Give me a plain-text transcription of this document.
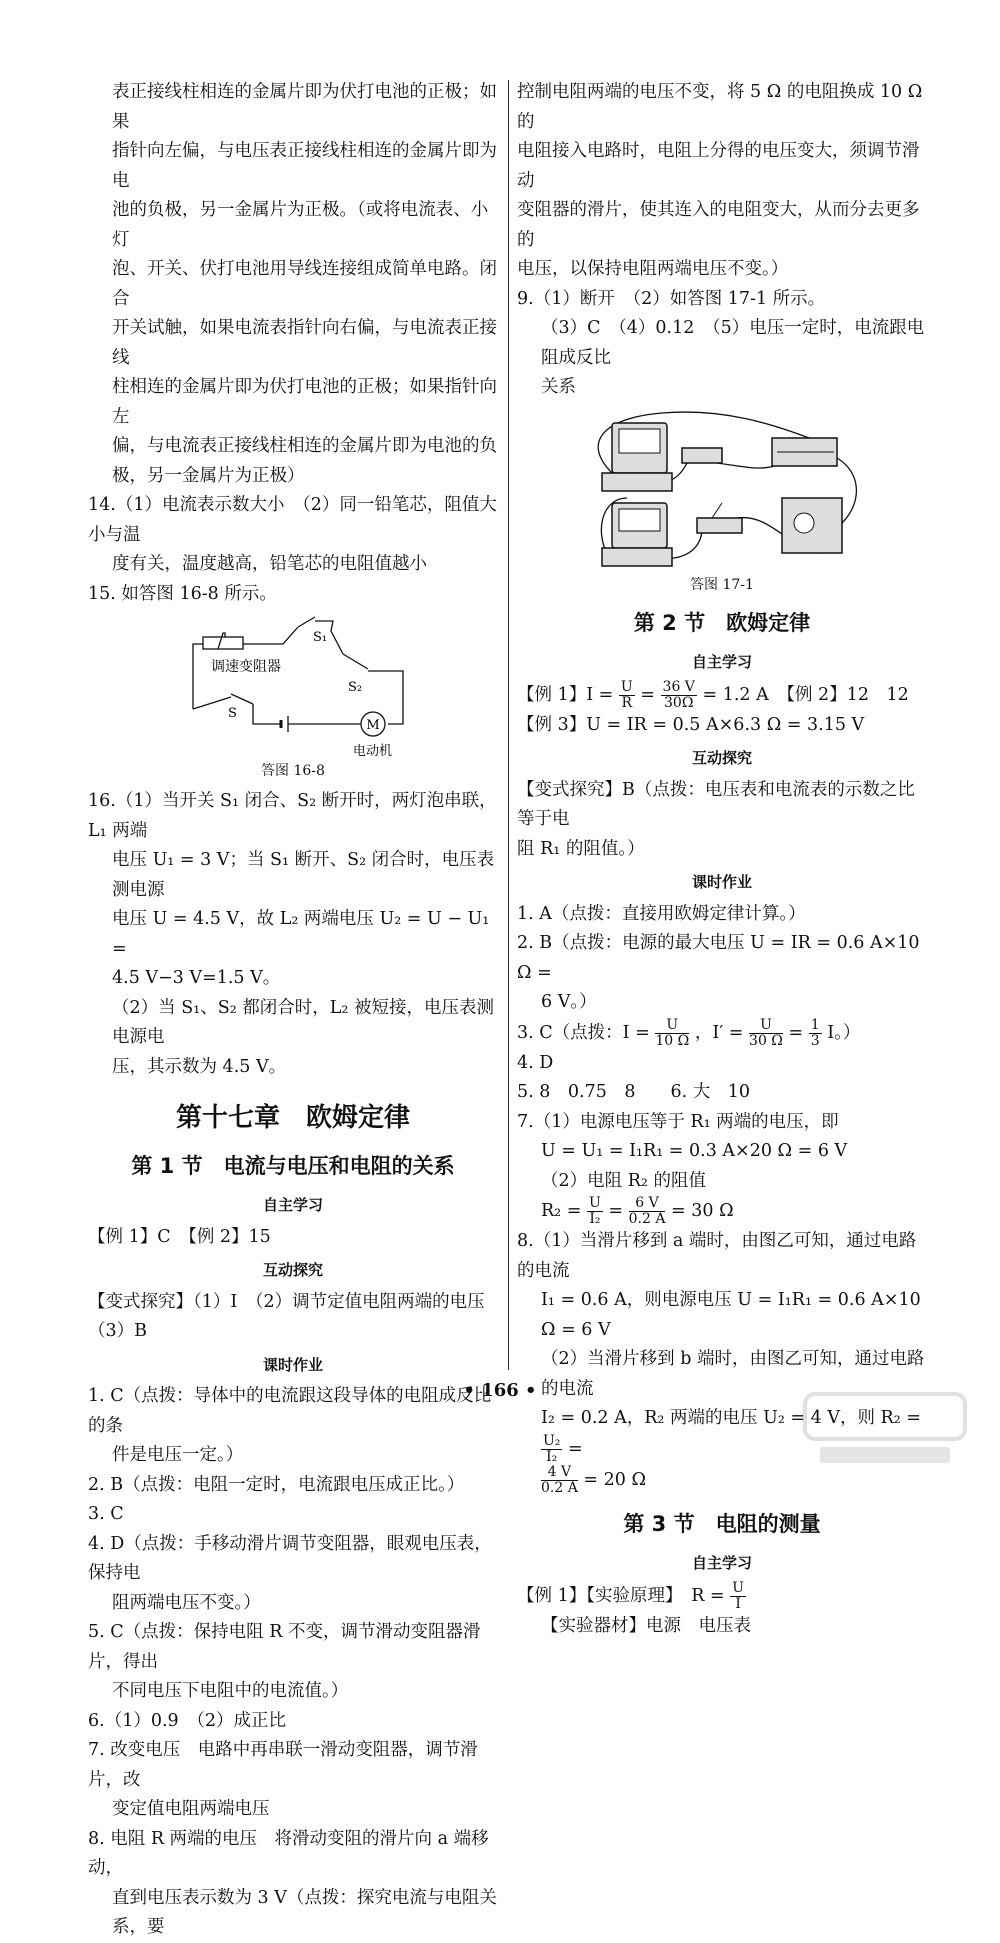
表正接线柱相连的金属片即为伏打电池的正极；如果

指针向左偏，与电压表正接线柱相连的金属片即为电

池的负极，另一金属片为正极。（或将电流表、小灯

泡、开关、伏打电池用导线连接组成简单电路。闭合

开关试触，如果电流表指针向右偏，与电流表正接线

柱相连的金属片即为伏打电池的正极；如果指针向左

偏，与电流表正接线柱相连的金属片即为电池的负

极，另一金属片为正极）

14.（1）电流表示数大小　（2）同一铅笔芯，阻值大小与温

度有关，温度越高，铅笔芯的电阻值越小

15. 如答图 16-8 所示。

M
调速变阻器
S₁
S₂
S
电动机

答图 16-8

16.（1）当开关 S₁ 闭合、S₂ 断开时，两灯泡串联，L₁ 两端

电压 U₁ = 3 V；当 S₁ 断开、S₂ 闭合时，电压表测电源

电压 U = 4.5 V，故 L₂ 两端电压 U₂ = U − U₁ =

4.5 V−3 V=1.5 V。

（2）当 S₁、S₂ 都闭合时，L₂ 被短接，电压表测电源电

压，其示数为 4.5 V。

第十七章　欧姆定律
第 1 节　电流与电压和电阻的关系
自主学习

【例 1】C　【例 2】15

互动探究

【变式探究】（1）I　（2）调节定值电阻两端的电压

（3）B

课时作业

1. C（点拨：导体中的电流跟这段导体的电阻成反比的条

件是电压一定。）

2. B（点拨：电阻一定时，电流跟电压成正比。）

3. C

4. D（点拨：手移动滑片调节变阻器，眼观电压表，保持电

阻两端电压不变。）

5. C（点拨：保持电阻 R 不变，调节滑动变阻器滑片，得出

不同电压下电阻中的电流值。）

6.（1）0.9　（2）成正比

7. 改变电压　电路中再串联一滑动变阻器，调节滑片，改

变定值电阻两端电压

8. 电阻 R 两端的电压　将滑动变阻的滑片向 a 端移动，

直到电压表示数为 3 V（点拨：探究电流与电阻关系，要

控制电阻两端的电压不变，将 5 Ω 的电阻换成 10 Ω 的

电阻接入电路时，电阻上分得的电压变大，须调节滑动

变阻器的滑片，使其连入的电阻变大，从而分去更多的

电压，以保持电阻两端电压不变。）

9.（1）断开　（2）如答图 17-1 所示。

（3）C　（4）0.12　（5）电压一定时，电流跟电阻成反比

关系

答图 17-1

第 2 节　欧姆定律
自主学习

【例 1】$I = \frac{U}{R} = \frac{36 V}{30\Omega} = 1.2$ A　【例 2】12　12

【例 3】U = IR = 0.5 A×6.3 Ω = 3.15 V

互动探究

【变式探究】B（点拨：电压表和电流表的示数之比等于电

阻 R₁ 的阻值。）

课时作业

1. A（点拨：直接用欧姆定律计算。）

2. B（点拨：电源的最大电压 U = IR = 0.6 A×10 Ω =

6 V。）

3. C（点拨：$I = \frac{U}{10 \Omega}$ ，$I' = \frac{U}{30 \Omega} = \frac{1}{3}$ I。）

4. D

5. 8　0.75　8　　6. 大　10

7.（1）电源电压等于 R₁ 两端的电压，即

U = U₁ = I₁R₁ = 0.3 A×20 Ω = 6 V

（2）电阻 R₂ 的阻值

$R_2 = \frac{U}{\text{I₂}} = \frac{6 V}{0.2 A} = 30$ Ω

8.（1）当滑片移到 a 端时，由图乙可知，通过电路的电流

I₁ = 0.6 A，则电源电压 U = I₁R₁ = 0.6 A×10 Ω = 6 V

（2）当滑片移到 b 端时，由图乙可知，通过电路的电流

I₂ = 0.2 A，R₂ 两端的电压 U₂ = 4 V，则 R₂ =
$\frac{\text{U₂}}{\text{I₂}}$ =

$\frac{4 V}{0.2 A} = 20$ Ω

第 3 节　电阻的测量
自主学习

【例 1】【实验原理】　$R = \frac{U}{I}$

【实验器材】电源　电压表

• 166 •
